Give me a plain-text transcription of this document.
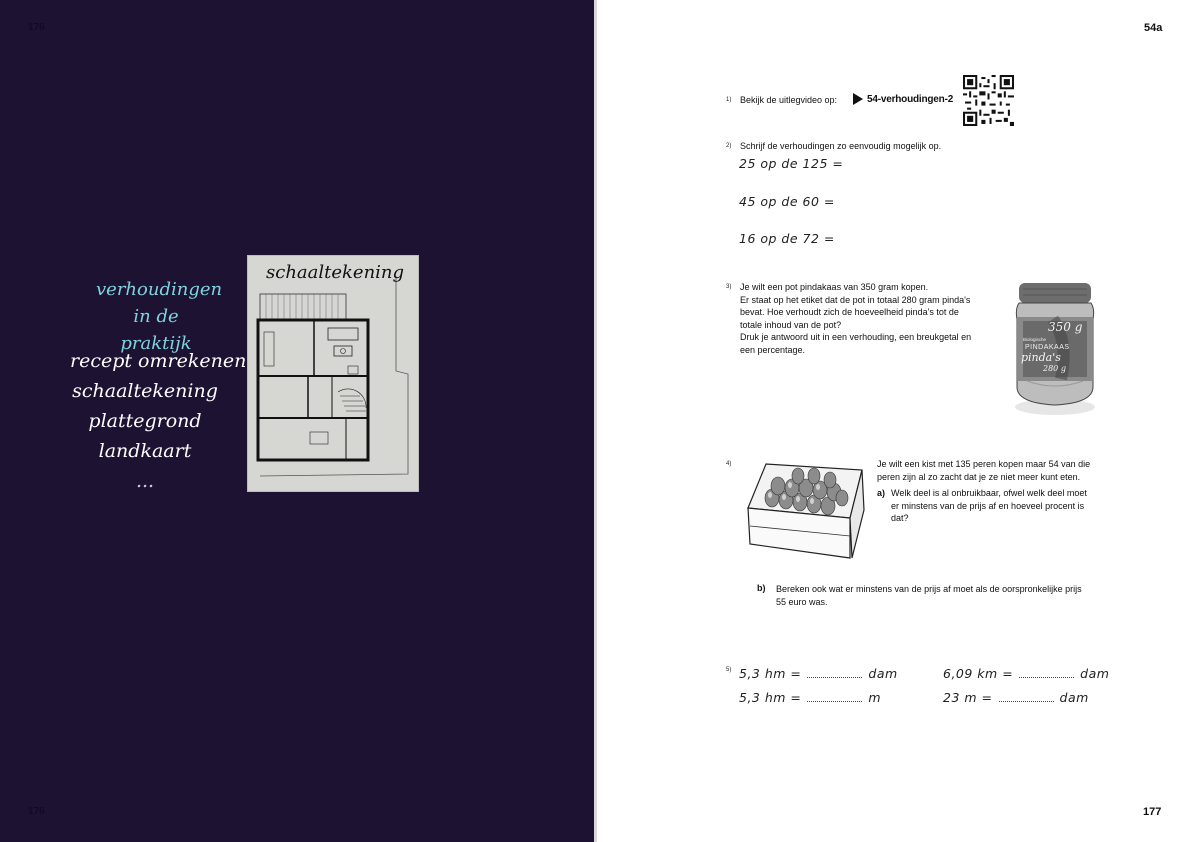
176
176
verhoudingen
in de praktijk
recept omrekenen
schaaltekening
plattegrond
landkaart
...
schaaltekening
54a
177
1) Bekijk de uitlegvideo op:	54-verhoudingen-2
2) Schrijf de verhoudingen zo eenvoudig mogelijk op.
25 op de 125 =
45 op de 60 =
16 op de 72 =
3) Je wilt een pot pindakaas van 350 gram kopen.
Er staat op het etiket dat de pot in totaal 280 gram pinda's
bevat. Hoe verhoudt zich de hoeveelheid pinda's tot de
totale inhoud van de pot?
Druk je antwoord uit in een verhouding, een breukgetal en
een percentage.
350 g
Biologische
PINDAKAAS
pinda's
280 g
4)	Je wilt een kist met 135 peren kopen maar 54 van die
peren zijn al zo zacht dat je ze niet meer kunt eten.
a) Welk deel is al onbruikbaar, ofwel welk deel moet
er minstens van de prijs af en hoeveel procent is
dat?
b) Bereken ook wat er minstens van de prijs af moet als de oorspronkelijke prijs
55 euro was.
5) 5,3 hm =	dam	6,09 km =	dam
5,3 hm =	m	23 m =	dam
